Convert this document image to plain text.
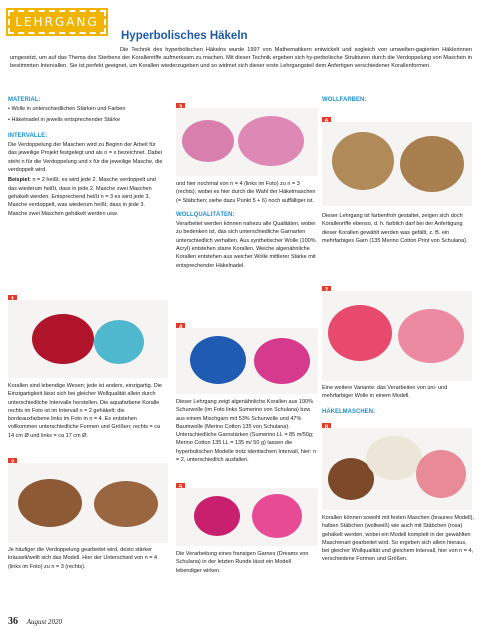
LEHRGANG
Hyperbolisches Häkeln
Die Technik des hyperbolischen Häkelns wurde 1997 von Mathematikern entwickelt und sogleich von umwelten-gagierten Häklerinnen umgesetzt, um auf das Thema des Sterbens der Korallenriffe aufmerksam zu machen. Mit dieser Technik ergeben sich hy-perbolische Strukturen durch die Verdoppelung von Maschen in bestimmten Intervallen. Sie ist perfekt geeignet, um Korallen wiederzugeben und so widmet sich dieser erste Lehrgangsteil dem Anfertigen verschiedener Korallenformen.
MATERIAL:
• Wolle in unterschiedlichen Stärken und Farben
• Häkelnadel in jeweils entsprechender Stärke
INTERVALLE:
Die Verdoppelung der Maschen wird zu Beginn der Arbeit für das jeweilige Projekt festgelegt und als n = x bezeichnet. Dabei steht n für die Verdoppelung und x für die jeweilige Masche, die verdoppelt wird.
Beispiel: n = 2 heißt, es wird jede 2. Masche verdoppelt und das wiederum heißt, dass in jede 2. Masche zwei Maschen gehäkelt werden. Entsprechend heißt n = 3 es wird jede 3. Masche verdoppelt, was wiederum heißt, dass in jede 3. Masche zwei Maschen gehäkelt werden usw.
Korallen sind lebendige Wesen; jede ist anders, einzigartig. Die Einzigartigkeit lässt sich bei gleicher Wollqualität allein durch unterschiedliche Intervalle herstellen. Die aquafarbene Koralle rechts im Foto ist im Intervall n = 2 gehäkelt; die bordeauxfarbene links im Foto in n = 4. Es entstehen vollkommen unterschiedliche Formen und Größen; rechts = ca 14 cm Ø und links = ca 17 cm Ø.
Je häufiger die Verdoppelung gearbeitet wird, desto stärker kräuselt/wellt sich das Modell. Hier der Unterschied von n = 4 (links im Foto) zu n = 3 (rechts).
und hier nochmal von n = 4 (links im Foto) zu n = 3 (rechts); wobei es hier durch die Wahl der Häkelmaschen (= Stäbchen; siehe dazu Punkt 5 + 6) noch auffälliger ist.
WOLLQUALITÄTEN:
Verarbeitet werden können nahezu alle Qualitäten, wobei zu bedenken ist, das sich unterschiedliche Garnarten unterschiedlich verhalten. Aus synthetischer Wolle (100% Acryl) entstehen starre Korallen. Weiche algenähnliche Korallen entstehen aus weicher Wolle mittlerer Stärke mit entsprechender Häkelnadel.
Dieser Lehrgang zeigt algenähnliche Korallen aus 100% Schurwolle (im Foto links Sumerino von Schulana) bzw aus einem Mischgarn mit 53% Schurwolle und 47% Baumwolle (Merino Cotton 135 von Schulana). Unterschiedliche Garnstärken (Sumerino LL = 85 m/50g; Merino Cotton 135 LL = 135 m/ 50 g) lassen die hyperbolischen Modelle trotz identischem Intervall, hier: n = 2, unterschiedlich ausfallen.
Die Verarbeitung eines fransigen Garnes (Dreams von Schulana) in der letzten Runde lässt ein Modell lebendiger wirken.
WOLLFARBEN:
Dieser Lehrgang ist farbenfroh gestaltet, zeigen sich doch Korallenriffe ebenso, d. h. farblich darf bei der Anfertigung dieser Korallen gewählt werden was gefällt, z. B. ein mehrfarbiges Garn (135 Merino Cotton Print von Schulana).
Eine weitere Variante: das Verarbeiten von uni- und mehrfarbiger Wolle in einem Modell.
HÄKELMASCHEN:
Korallen können sowohl mit festen Maschen (braunes Modell), halben Stäbchen (wollweiß) wie auch mit Stäbchen (rosa) gehäkelt werden, wobei ein Modell komplett in der gewählten Maschenart gearbeitet wird. So ergeben sich allein hieraus, bei gleicher Wollqualität und gleichem Intervall, hier von n = 4, verschiedene Formen und Größen.
36 August 2020
